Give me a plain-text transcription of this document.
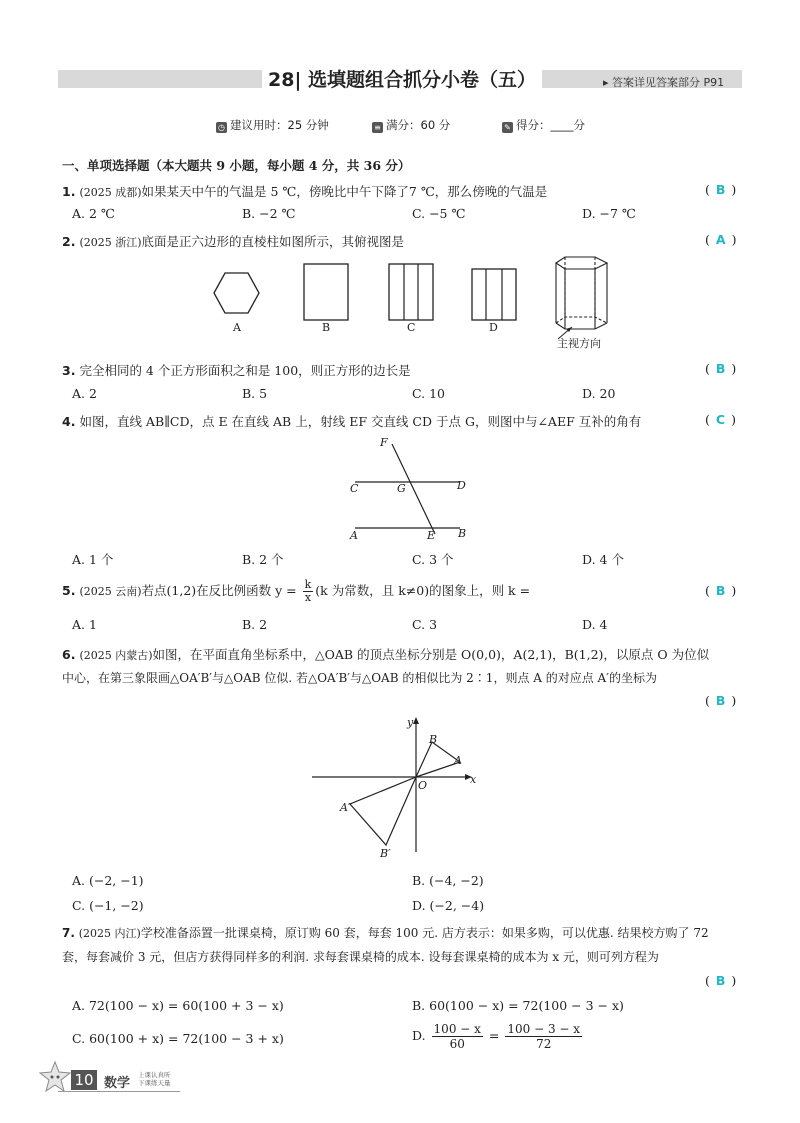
28| 选填题组合抓分小卷（五）	▸ 答案详见答案部分 P91
◷ 建议用时：25 分钟	≡ 满分：60 分	✎ 得分：____分
一、单项选择题（本大题共 9 小题，每小题 4 分，共 36 分）
1. (2025 成都)如果某天中午的气温是 5 ℃，傍晚比中午下降了7 ℃，那么傍晚的气温是	( B )
A. 2 ℃	B. −2 ℃	C. −5 ℃	D. −7 ℃
2. (2025 浙江)底面是正六边形的直棱柱如图所示，其俯视图是	( A )
A	B	C	D
主视方向
3. 完全相同的 4 个正方形面积之和是 100，则正方形的边长是	( B )
A. 2	B. 5	C. 10	D. 20
4. 如图，直线 AB∥CD，点 E 在直线 AB 上，射线 EF 交直线 CD 于点 G，则图中与∠AEF 互补的角有	( C )
F
C	G	D
A	E B
A. 1 个	B. 2 个	C. 3 个	D. 4 个
5. (2025 云南)若点(1,2)在反比例函数 $y = \frac{k}{x} (k$ 为常数，且 k≠0)的图象上，则 k =	( B )
A. 1	B. 2	C. 3	D. 4
6. (2025 内蒙古)如图，在平面直角坐标系中，△OAB 的顶点坐标分别是 O(0,0)，A(2,1)，B(1,2)，以原点 O 为位似
中心，在第三象限画△OA′B′与△OAB 位似. 若△OA′B′与△OAB 的相似比为 2∶1，则点 A 的对应点 A′的坐标为
( B )
y
x
O
A
B
A′
B′
A. (−2, −1)	B. (−4, −2)
C. (−1, −2)	D. (−2, −4)
7. (2025 内江)学校准备添置一批课桌椅，原订购 60 套，每套 100 元. 店方表示：如果多购，可以优惠. 结果校方购了 72
套，每套减价 3 元，但店方获得同样多的利润. 求每套课桌椅的成本. 设每套课桌椅的成本为 x 元，则可列方程为
( B )
A. 72(100 − x) = 60(100 + 3 − x)	B. 60(100 − x) = 72(100 − 3 − x)
C. 60(100 + x) = 72(100 − 3 + x)	D. $\frac{100 - x}{60} = \frac{100 - 3 - x}{72}$
10 数学
上课认真听
下课练天量
